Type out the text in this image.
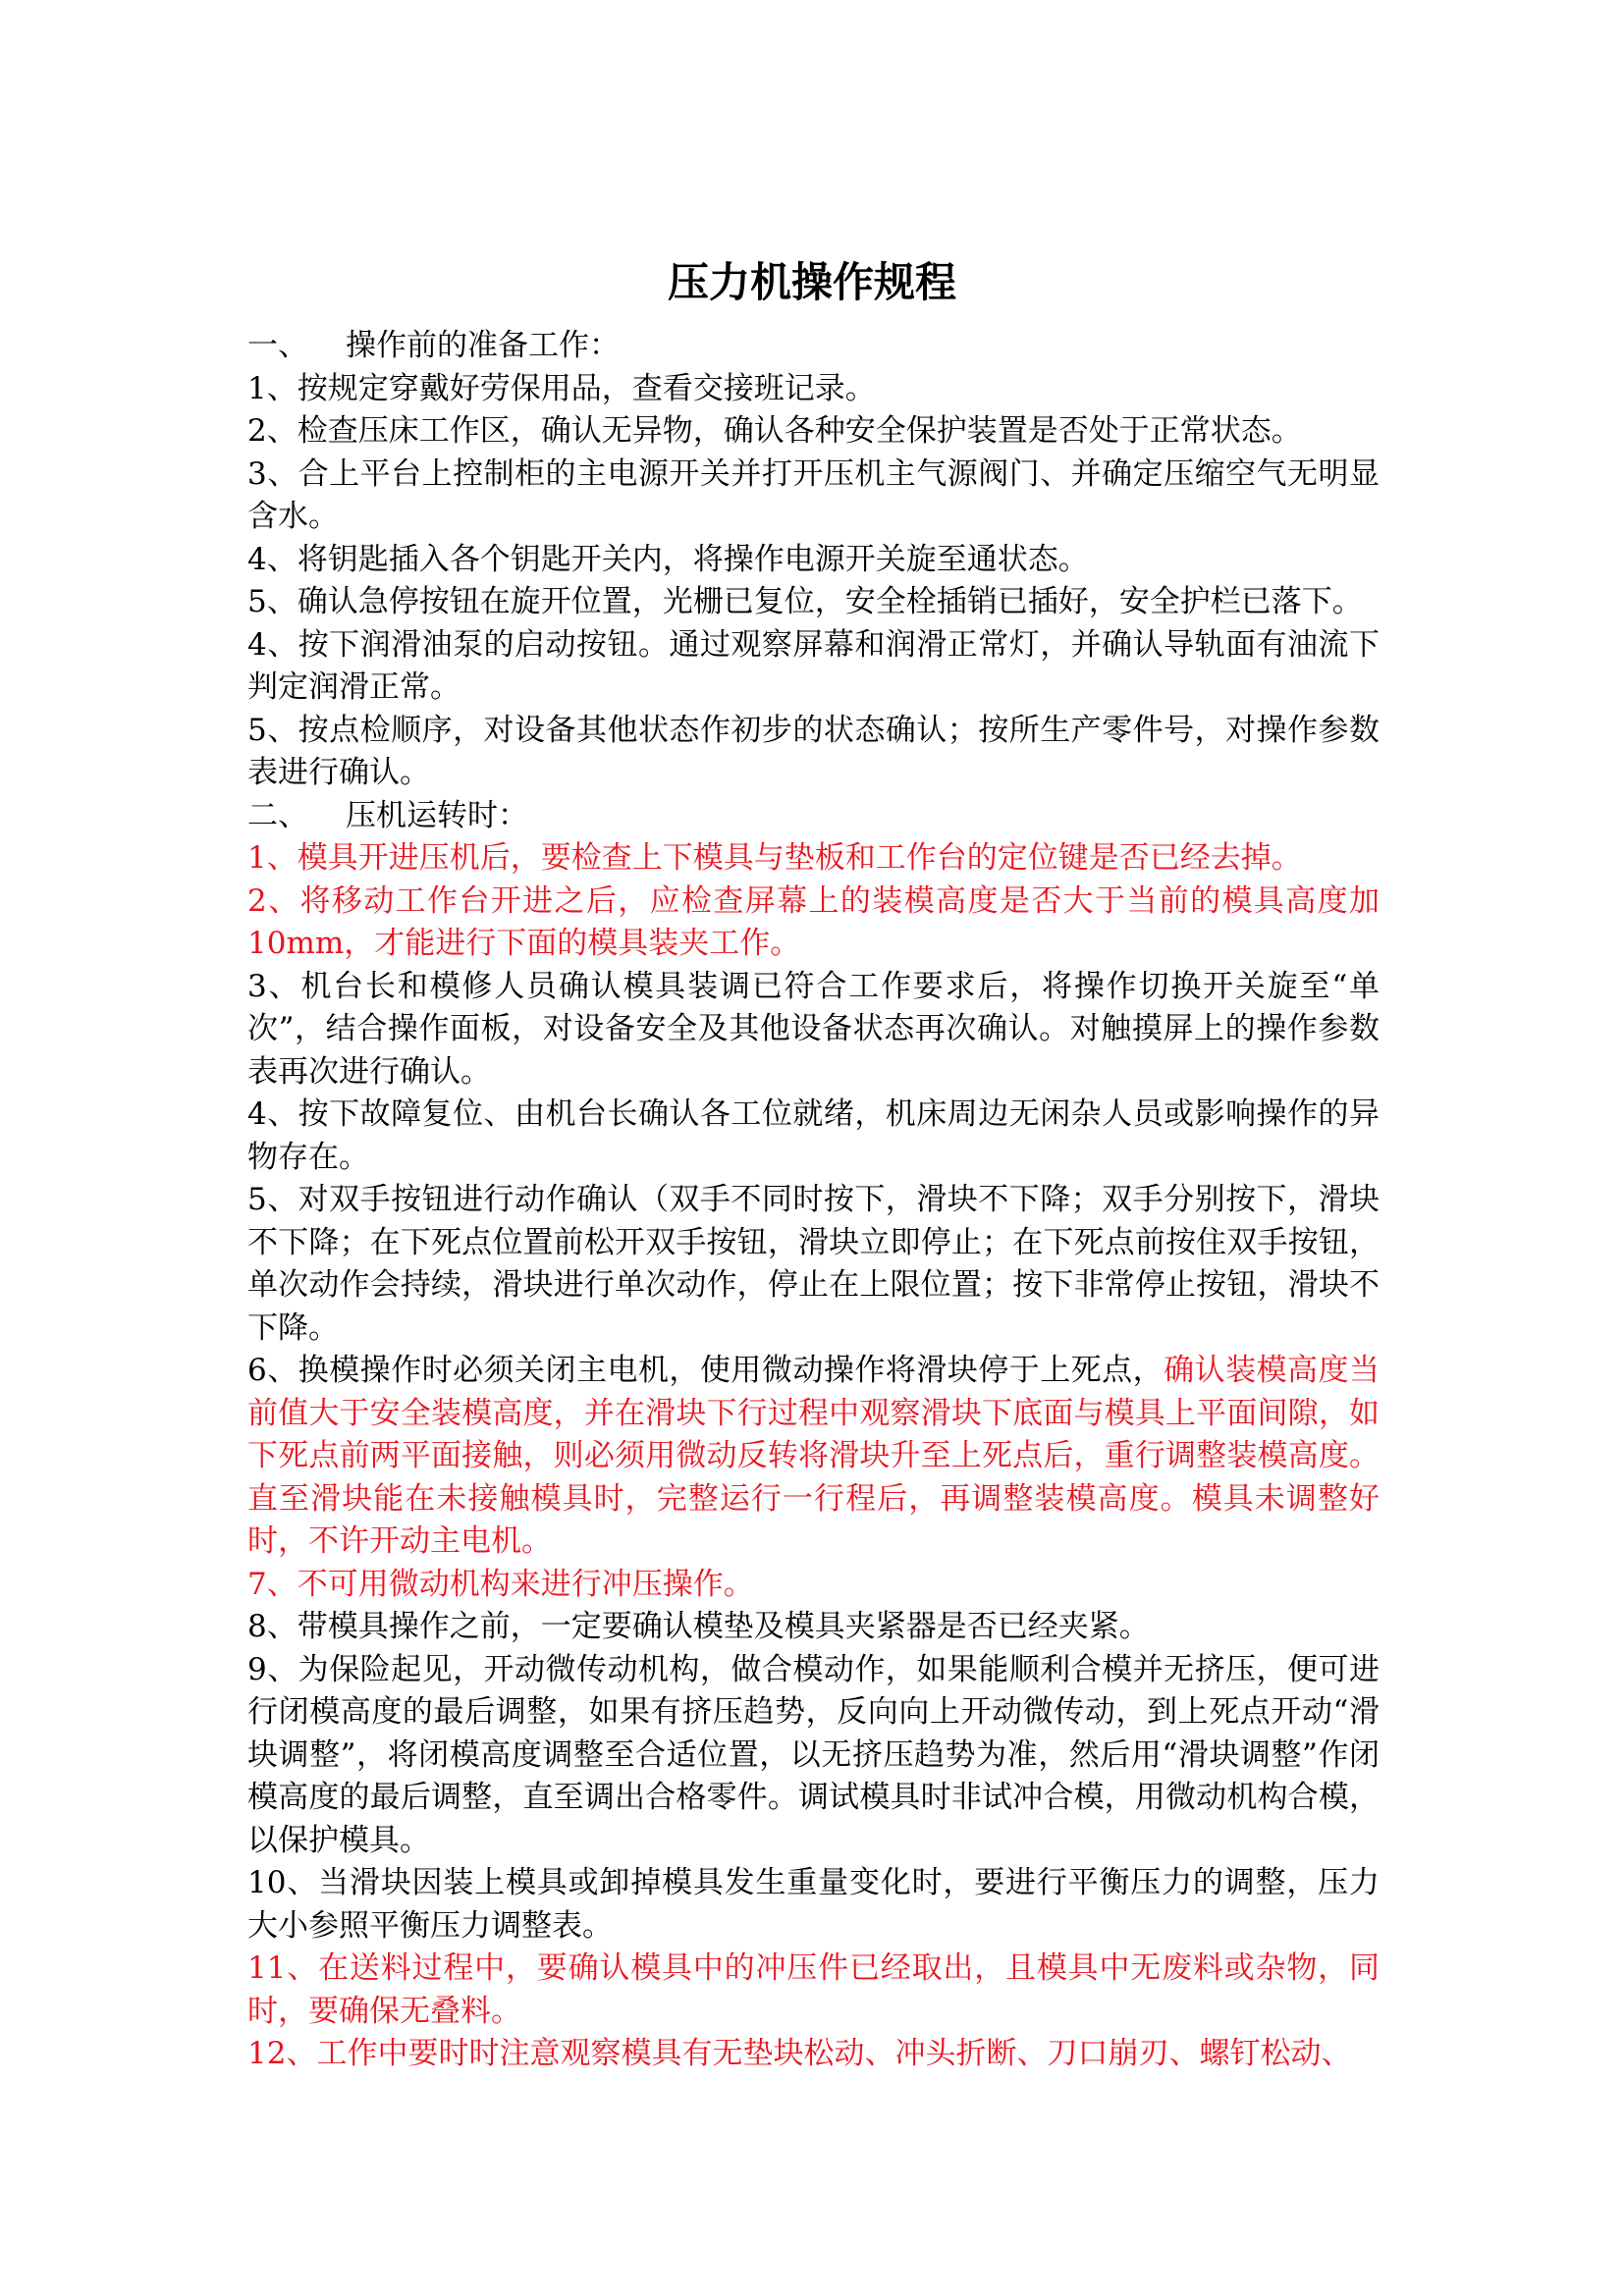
压力机操作规程
一、 操作前的准备工作：

1、按规定穿戴好劳保用品，查看交接班记录。

2、检查压床工作区，确认无异物，确认各种安全保护装置是否处于正常状态。

3、合上平台上控制柜的主电源开关并打开压机主气源阀门、并确定压缩空气无明显含水。

4、将钥匙插入各个钥匙开关内，将操作电源开关旋至通状态。

5、确认急停按钮在旋开位置，光栅已复位，安全栓插销已插好，安全护栏已落下。

4、按下润滑油泵的启动按钮。通过观察屏幕和润滑正常灯，并确认导轨面有油流下判定润滑正常。

5、按点检顺序，对设备其他状态作初步的状态确认；按所生产零件号，对操作参数表进行确认。

二、 压机运转时：

1、模具开进压机后，要检查上下模具与垫板和工作台的定位键是否已经去掉。

2、将移动工作台开进之后，应检查屏幕上的装模高度是否大于当前的模具高度加 10mm，才能进行下面的模具装夹工作。

3、机台长和模修人员确认模具装调已符合工作要求后，将操作切换开关旋至“单次”，结合操作面板，对设备安全及其他设备状态再次确认。对触摸屏上的操作参数表再次进行确认。

4、按下故障复位、由机台长确认各工位就绪，机床周边无闲杂人员或影响操作的异物存在。

5、对双手按钮进行动作确认（双手不同时按下，滑块不下降；双手分别按下，滑块不下降；在下死点位置前松开双手按钮，滑块立即停止；在下死点前按住双手按钮，单次动作会持续，滑块进行单次动作，停止在上限位置；按下非常停止按钮，滑块不下降。

6、换模操作时必须关闭主电机，使用微动操作将滑块停于上死点，确认装模高度当前值大于安全装模高度，并在滑块下行过程中观察滑块下底面与模具上平面间隙，如下死点前两平面接触，则必须用微动反转将滑块升至上死点后，重行调整装模高度。直至滑块能在未接触模具时，完整运行一行程后，再调整装模高度。模具未调整好时，不许开动主电机。

7、不可用微动机构来进行冲压操作。

8、带模具操作之前，一定要确认模垫及模具夹紧器是否已经夹紧。

9、为保险起见，开动微传动机构，做合模动作，如果能顺利合模并无挤压，便可进行闭模高度的最后调整，如果有挤压趋势，反向向上开动微传动，到上死点开动“滑块调整”，将闭模高度调整至合适位置，以无挤压趋势为准，然后用“滑块调整”作闭模高度的最后调整，直至调出合格零件。调试模具时非试冲合模，用微动机构合模，以保护模具。

10、当滑块因装上模具或卸掉模具发生重量变化时，要进行平衡压力的调整，压力大小参照平衡压力调整表。

11、在送料过程中，要确认模具中的冲压件已经取出，且模具中无废料或杂物，同时，要确保无叠料。

12、工作中要时时注意观察模具有无垫块松动、冲头折断、刀口崩刃、螺钉松动、
